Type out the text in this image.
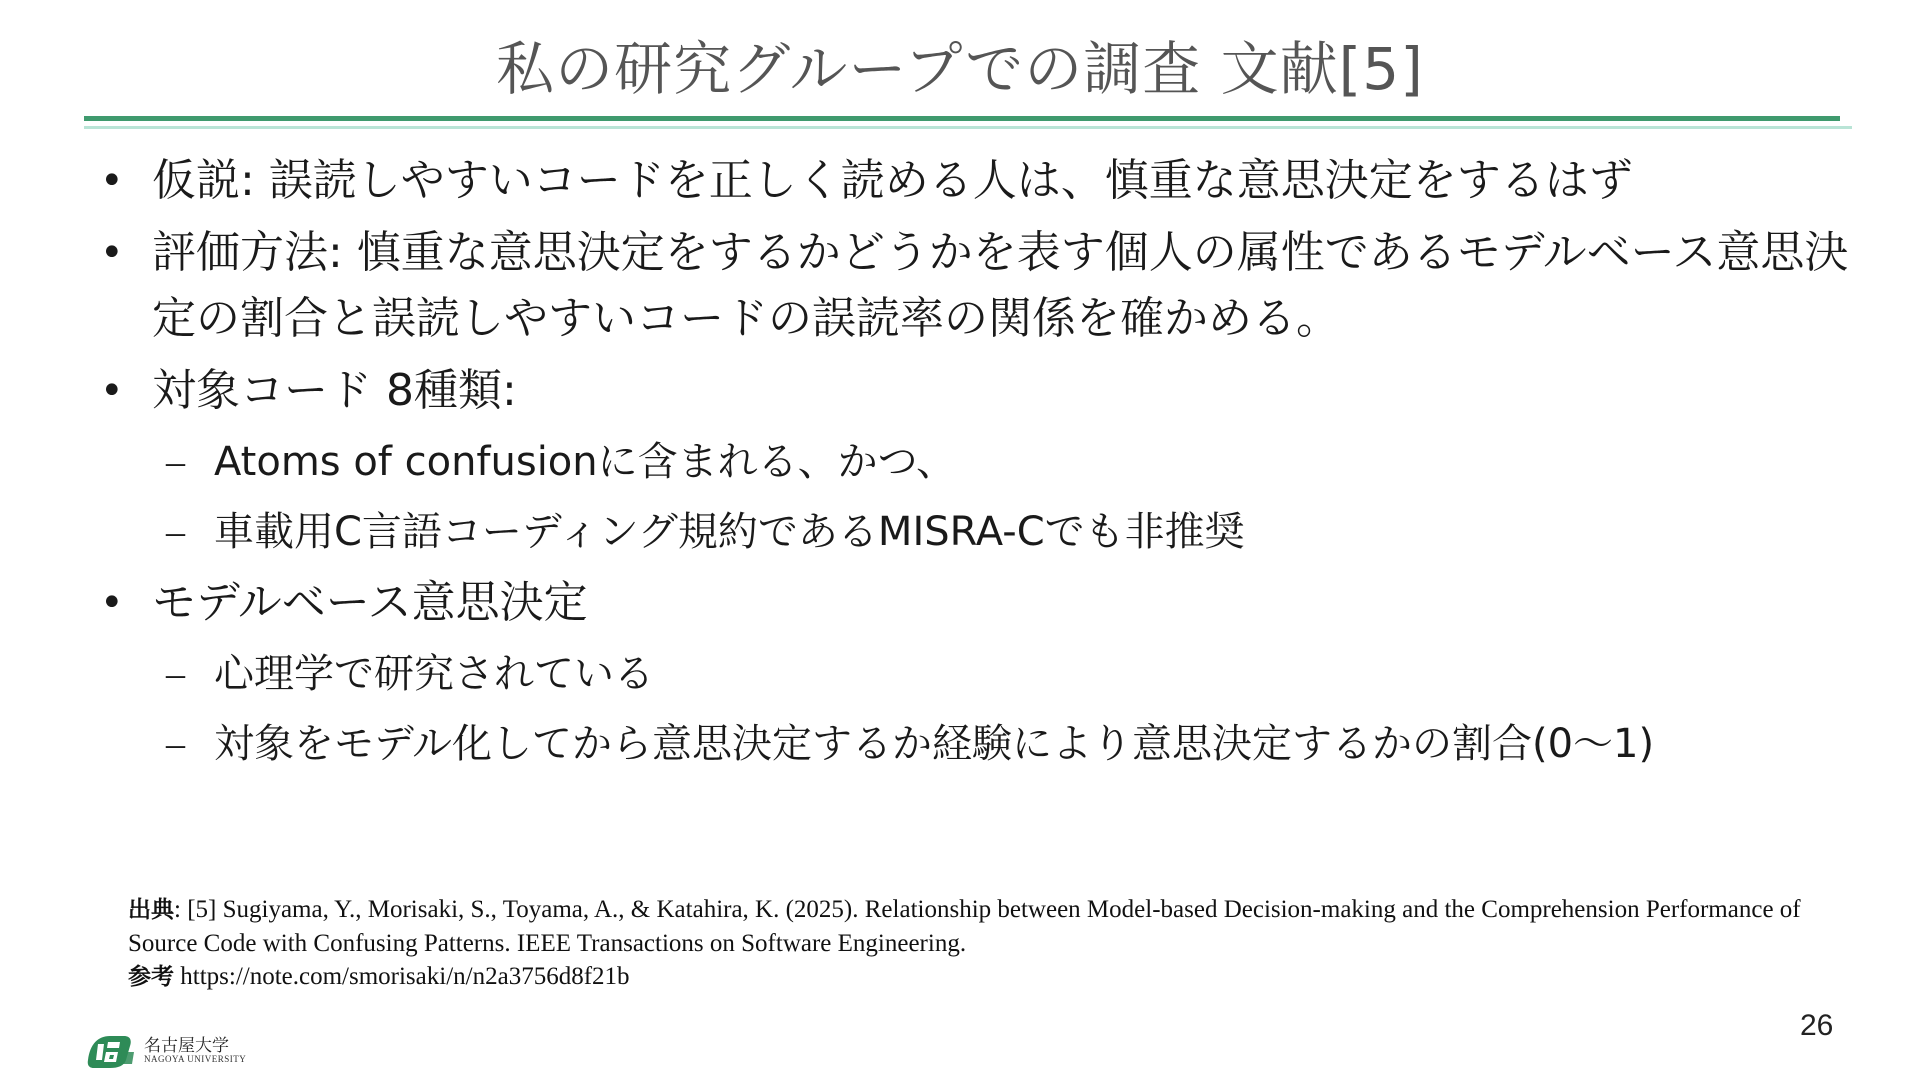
私の研究グループでの調査 文献[5]
• 仮説: 誤読しやすいコードを正しく読める人は、慎重な意思決定をするはず
• 評価方法: 慎重な意思決定をするかどうかを表す個人の属性であるモデルベース意思決定の割合と誤読しやすいコードの誤読率の関係を確かめる。
• 対象コード 8種類:
– Atoms of confusionに含まれる、かつ、
– 車載用C言語コーディング規約であるMISRA-Cでも非推奨
• モデルベース意思決定
– 心理学で研究されている
– 対象をモデル化してから意思決定するか経験により意思決定するかの割合(0〜1)
出典: [5] Sugiyama, Y., Morisaki, S., Toyama, A., & Katahira, K. (2025). Relationship between Model-based Decision-making and the Comprehension Performance of Source Code with Confusing Patterns. IEEE Transactions on Software Engineering.
参考 https://note.com/smorisaki/n/n2a3756d8f21b
26
名古屋大学
NAGOYA UNIVERSITY
